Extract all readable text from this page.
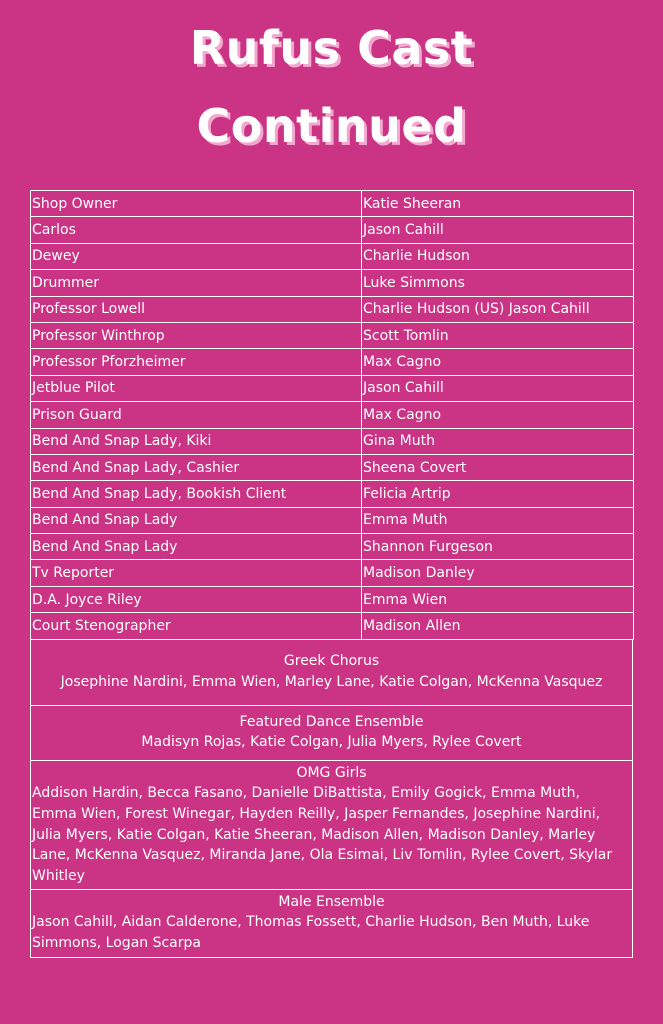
Rufus Cast
Continued
Shop Owner	Katie Sheeran
Carlos	Jason Cahill
Dewey	Charlie Hudson
Drummer	Luke Simmons
Professor Lowell	Charlie Hudson (US) Jason Cahill
Professor Winthrop	Scott Tomlin
Professor Pforzheimer	Max Cagno
Jetblue Pilot	Jason Cahill
Prison Guard	Max Cagno
Bend And Snap Lady, Kiki	Gina Muth
Bend And Snap Lady, Cashier	Sheena Covert
Bend And Snap Lady, Bookish Client	Felicia Artrip
Bend And Snap Lady	Emma Muth
Bend And Snap Lady	Shannon Furgeson
Tv Reporter	Madison Danley
D.A. Joyce Riley	Emma Wien
Court Stenographer	Madison Allen
Greek Chorus
Josephine Nardini, Emma Wien, Marley Lane, Katie Colgan, McKenna Vasquez
Featured Dance Ensemble
Madisyn Rojas, Katie Colgan, Julia Myers, Rylee Covert
OMG Girls
Addison Hardin, Becca Fasano, Danielle DiBattista, Emily Gogick, Emma Muth,
Emma Wien, Forest Winegar, Hayden Reilly, Jasper Fernandes, Josephine Nardini,
Julia Myers, Katie Colgan, Katie Sheeran, Madison Allen, Madison Danley, Marley
Lane, McKenna Vasquez, Miranda Jane, Ola Esimai, Liv Tomlin, Rylee Covert, Skylar
Whitley
Male Ensemble
Jason Cahill, Aidan Calderone, Thomas Fossett, Charlie Hudson, Ben Muth, Luke
Simmons, Logan Scarpa
